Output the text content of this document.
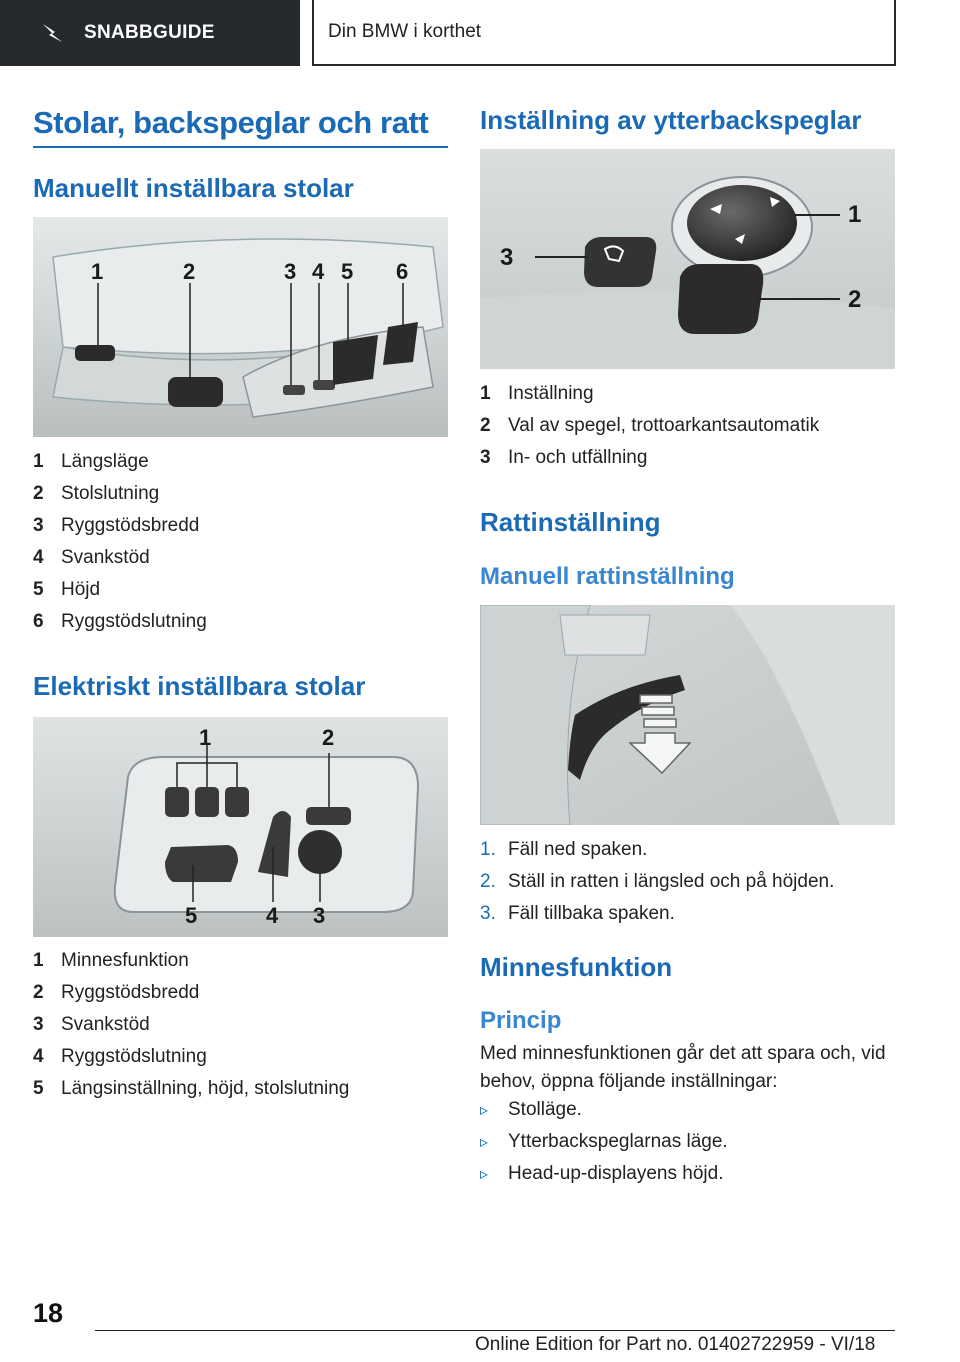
SNABBGUIDE	Din BMW i korthet
Stolar, backspeglar och ratt
Manuellt inställbara stolar
1	2	3 4 5 6
1 Längsläge
2 Stolslutning
3 Ryggstödsbredd
4 Svankstöd
5 Höjd
6 Ryggstödslutning
Elektriskt inställbara stolar
1	2
3
4
5
1 Minnesfunktion
2 Ryggstödsbredd
3 Svankstöd
4 Ryggstödslutning
5 Längsinställning, höjd, stolslutning
Inställning av ytterbackspeglar
3
1
2
1 Inställning
2 Val av spegel, trottoarkantsautomatik
3 In- och utfällning
Rattinställning
Manuell rattinställning
1. Fäll ned spaken.
2. Ställ in ratten i längsled och på höjden.
3. Fäll tillbaka spaken.
Minnesfunktion
Princip
Med minnesfunktionen går det att spara och, vid behov, öppna följande inställningar:
▹	Stolläge.
▹	Ytterbackspeglarnas läge.
▹	Head-up-displayens höjd.
18
Online Edition for Part no. 01402722959 - VI/18
